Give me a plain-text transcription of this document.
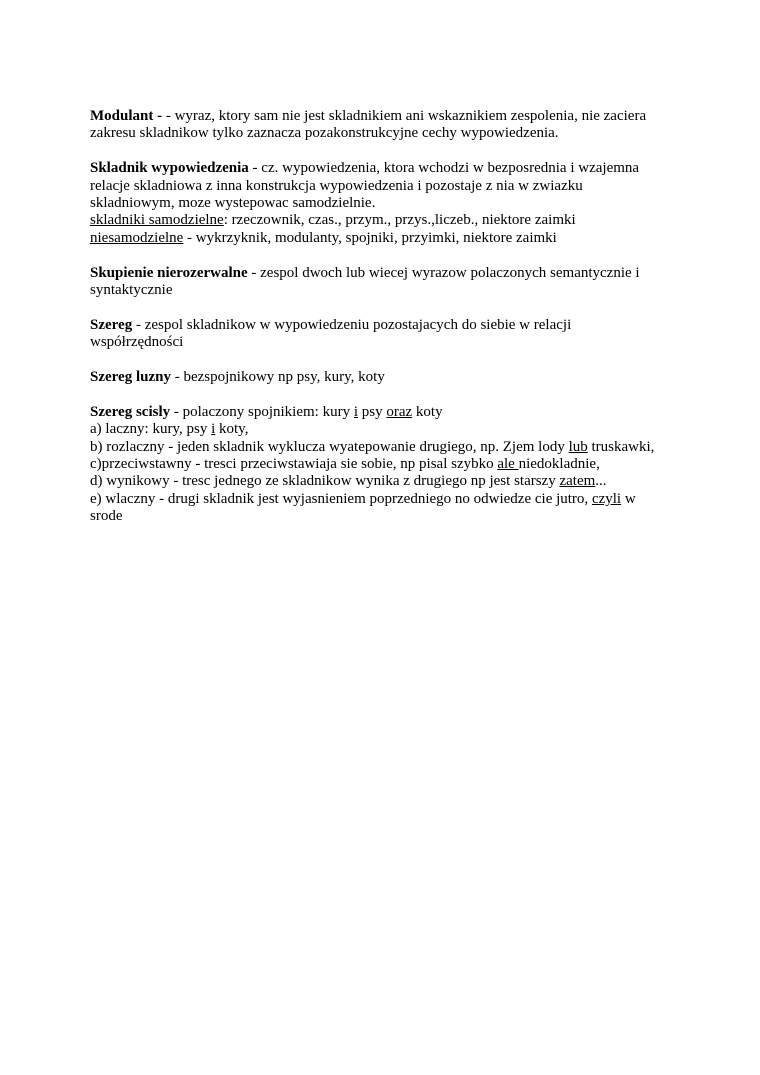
Modulant - - wyraz, ktory sam nie jest skladnikiem ani wskaznikiem zespolenia, nie zaciera
zakresu skladnikow tylko zaznacza pozakonstrukcyjne cechy wypowiedzenia.
Skladnik wypowiedzenia - cz. wypowiedzenia, ktora wchodzi w bezposrednia i wzajemna
relacje skladniowa z inna konstrukcja wypowiedzenia i pozostaje z nia w zwiazku
skladniowym, moze wystepowac samodzielnie.
skladniki samodzielne: rzeczownik, czas., przym., przys.,liczeb., niektore zaimki
niesamodzielne - wykrzyknik, modulanty, spojniki, przyimki, niektore zaimki
Skupienie nierozerwalne - zespol dwoch lub wiecej wyrazow polaczonych semantycznie i
syntaktycznie
Szereg - zespol skladnikow w wypowiedzeniu pozostajacych do siebie w relacji
współrzędności
Szereg luzny - bezspojnikowy np psy, kury, koty
Szereg scisly - polaczony spojnikiem: kury i psy oraz koty
a) laczny: kury, psy i koty,
b) rozlaczny - jeden skladnik wyklucza wyatepowanie drugiego, np. Zjem lody lub truskawki,
c)przeciwstawny - tresci przeciwstawiaja sie sobie, np pisal szybko ale niedokladnie,
d) wynikowy - tresc jednego ze skladnikow wynika z drugiego np jest starszy zatem...
e) wlaczny - drugi skladnik jest wyjasnieniem poprzedniego no odwiedze cie jutro, czyli w
srode
